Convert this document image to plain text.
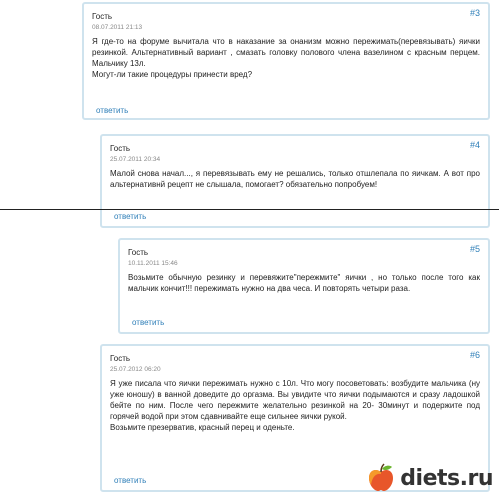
#3
Гость
08.07.2011 21:13

Я где-то на форуме вычитала что в наказание за онанизм можно пережимать(перевязывать) яички резинкой. Альтернативный вариант , смазать головку полового члена вазелином с красным перцем. Мальчику 13л.

Могут-ли такие процедуры принести вред?

ответить
#4
Гость
25.07.2011 20:34

Малой снова начал..., я перевязывать ему не решались, только отшлепала по яичкам. А вот про альтернативнй рецепт не слышала, помогает? обязательно попробуем!

ответить
#5
Гость
10.11.2011 15:46

Возьмите обычную резинку и перевяжите"пережмите" яички , но только после того как мальчик кончит!!! пережимать нужно на два чеса. И повторять четыри раза.

ответить
#6
Гость
25.07.2012 06:20

Я уже писала что яички пережимать нужно с 10л. Что могу посоветовать: возбудите мальчика (ну уже юношу) в ванной доведите до оргазма. Вы увидите что яички подымаются и сразу ладошкой бейте по ним. После чего пережмите желательно резинкой на 20- 30минут и подержите под горячей водой при этом сдавнивайте еще сильнее яички рукой.

Возьмите презерватив, красный перец и оденьте.

ответить	diets.ru
